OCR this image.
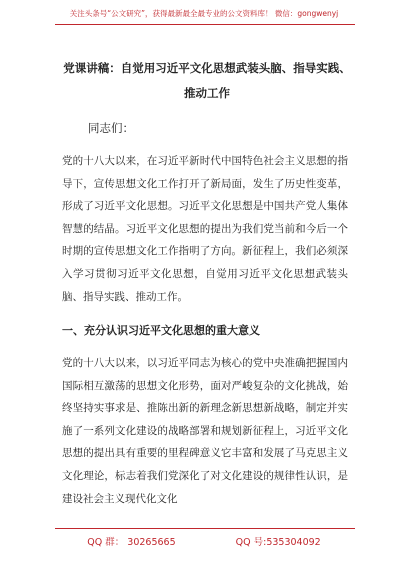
关注头条号“公文研究”，获得最新最全最专业的公文资料库！ 微信：gongwenyj
党课讲稿：自觉用习近平文化思想武装头脑、指导实践、推动工作
同志们：

党的十八大以来，在习近平新时代中国特色社会主义思想的指导下，宣传思想文化工作打开了新局面，发生了历史性变革，形成了习近平文化思想。习近平文化思想是中国共产党人集体智慧的结晶。习近平文化思想的提出为我们党当前和今后一个时期的宣传思想文化工作指明了方向。新征程上，我们必须深入学习贯彻习近平文化思想，自觉用习近平文化思想武装头脑、指导实践、推动工作。

一、充分认识习近平文化思想的重大意义

党的十八大以来，以习近平同志为核心的党中央准确把握国内国际相互激荡的思想文化形势，面对严峻复杂的文化挑战，始终坚持实事求是、推陈出新的新理念新思想新战略，制定并实施了一系列文化建设的战略部署和规划新征程上，习近平文化思想的提出具有重要的里程碑意义它丰富和发展了马克思主义文化理论，标志着我们党深化了对文化建设的规律性认识，是建设社会主义现代化文化

QQ 群： 30265665	QQ 号:535304092
